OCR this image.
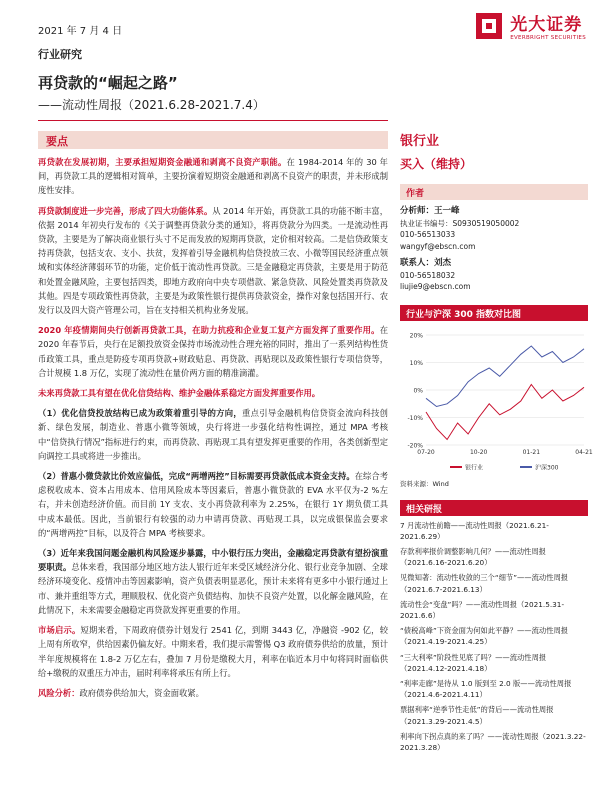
2021 年 7 月 4 日	光大证券
EVERBRIGHT SECURITIES
行业研究
再贷款的“崛起之路”
——流动性周报（2021.6.28-2021.7.4）
要点

再贷款在发展初期，主要承担短期资金融通和剥离不良资产职能。在 1984-2014 年的 30 年间，再贷款工具的逻辑相对简单，主要扮演着短期资金融通和剥离不良资产的职责，并未形成制度性安排。

再贷款制度进一步完善，形成了四大功能体系。从 2014 年开始，再贷款工具的功能不断丰富，依据 2014 年初央行发布的《关于调整再贷款分类的通知》，将再贷款分为四类。一是流动性再贷款，主要是为了解决商业银行头寸不足而发放的短期再贷款，定价相对较高。二是信贷政策支持再贷款，包括支农、支小、扶贫，发挥着引导金融机构信贷投放三农、小微等国民经济重点领域和实体经济薄弱环节的功能，定价低于流动性再贷款。三是金融稳定再贷款，主要是用于防范和处置金融风险，主要包括四类，即地方政府向中央专项借款、紧急贷款、风险处置类再贷款及其他。四是专项政策性再贷款，主要是为政策性银行提供再贷款资金，操作对象包括国开行、农发行以及四大资产管理公司，旨在支持相关机构业务发展。

2020 年疫情期间央行创新再贷款工具，在助力抗疫和企业复工复产方面发挥了重要作用。在 2020 年春节后，央行在足额投放资金保持市场流动性合理充裕的同时，推出了一系列结构性货币政策工具，重点是防疫专项再贷款+财政贴息、再贷款、再贴现以及政策性银行专项信贷等，合计规模 1.8 万亿，实现了流动性在量价两方面的精准滴灌。

未来再贷款工具有望在优化信贷结构、维护金融体系稳定方面发挥重要作用。

（1）优化信贷投放结构已成为政策着重引导的方向，重点引导金融机构信贷资金流向科技创新、绿色发展，制造业、普惠小微等领域，央行将进一步强化结构性调控，通过 MPA 考核中“信贷执行情况”指标进行约束，而再贷款、再贴现工具有望发挥更重要的作用，各类创新型定向调控工具或将进一步推出。

（2）普惠小微贷款比价效应偏低，完成“两增两控”目标需要再贷款低成本资金支持。在综合考虑税收成本、资本占用成本、信用风险成本等因素后，普惠小微贷款的 EVA 水平仅为-2 %左右，并未创造经济价值。而目前 1Y 支农、支小再贷款利率为 2.25%，在银行 1Y 期负债工具中成本最低。因此，当前银行有较强的动力申请再贷款、再贴现工具，以完成银保监会要求的“两增两控”目标，以及符合 MPA 考核要求。

（3）近年来我国问题金融机构风险逐步暴露，中小银行压力突出，金融稳定再贷款有望扮演重要职责。总体来看，我国部分地区地方法人银行近年来受区域经济分化、银行业竞争加剧、全球经济环境变化、疫情冲击等因素影响，资产负债表明显恶化，预计未来将有更多中小银行通过上市、兼并重组等方式，理顺股权、优化资产负债结构、加快不良资产处置，以化解金融风险，在此情况下，未来需要金融稳定再贷款发挥更重要的作用。

市场启示。短期来看，下周政府债券计划发行 2541 亿，到期 3443 亿，净融资 -902 亿，较上周有所收窄，供给因素仍偏友好。中期来看，我们提示需警惕 Q3 政府债券供给的放量，预计半年度规模将在 1.8-2 万亿左右，叠加 7 月份是缴税大月，利率在临近本月中旬将同时面临供给+缴税的双重压力冲击，届时利率将承压有所上行。

风险分析：政府债券供给加大，资金面收紧。

银行业
买入（维持）
作者
分析师：王一峰
执业证书编号：S0930519050002
010-56513033
wangyf@ebscn.com
联系人：刘杰
010-56518032
liujie9@ebscn.com
行业与沪深 300 指数对比图
20%
10%
0%
-10%
-20%
07-20	10-20	01-21	04-21
银行业	沪深300
资料来源：Wind
相关研报
7 月流动性前瞻——流动性周报（2021.6.21-2021.6.29）
存款利率报价调整影响几何？——流动性周报（2021.6.16-2021.6.20）
见微知著：流动性收敛的三个“细节”——流动性周报（2021.6.7-2021.6.13）
流动性会“变盘”吗？——流动性周报（2021.5.31-2021.6.6）
“债税高峰”下资金面为何如此平静？——流动性周报（2021.4.19-2021.4.25）
“三大利率”阶段性见底了吗？——流动性周报（2021.4.12-2021.4.18）
“利率走廊”是待从 1.0 版到至 2.0 版——流动性周报（2021.4.6-2021.4.11）
票据利率“逆季节性走低”的背后——流动性周报（2021.3.29-2021.4.5）
利率向下拐点真的来了吗？——流动性周报（2021.3.22-2021.3.28）
